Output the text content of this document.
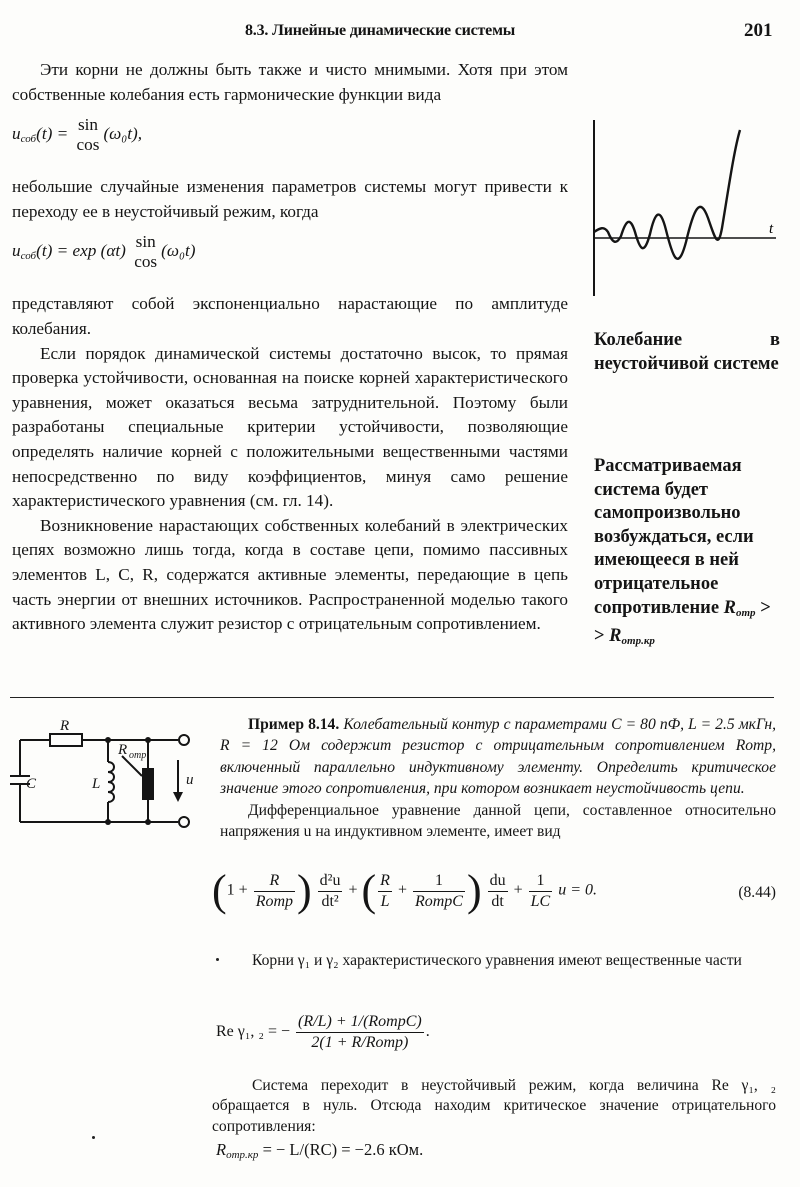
8.3. Линейные динамические системы	201

Эти корни не должны быть также и чисто мнимыми. Хотя при этом собственные колебания есть гармонические функции вида

$u_{соб}(t) = \sin$
cos
(ω₀t),

небольшие случайные изменения параметров системы могут привести к переходу ее в неустойчивый режим, когда

$u_{соб}(t) = \exp (\alpha t)$ sin
cos
(ω₀t)

представляют собой экспоненциально нарастающие по амплитуде колебания.

Если порядок динамической системы достаточно высок, то прямая проверка устойчивости, основанная на поиске корней характеристического уравнения, может оказаться весьма затруднительной. Поэтому были разработаны специальные критерии устойчивости, позволяющие определять наличие корней с положительными вещественными частями непосредственно по виду коэффициентов, минуя само решение характеристического уравнения (см. гл. 14).

Возникновение нарастающих собственных колебаний в электрических цепях возможно лишь тогда, когда в составе цепи, помимо пассивных элементов L, C, R, содержатся активные элементы, передающие в цепь часть энергии от внешних источников. Распространенной моделью такого активного элемента служит резистор с отрицательным сопротивлением.

t
Колебание в неустойчивой системе
Рассматриваемая система будет самопроизвольно возбуждаться, если имеющееся в ней отрицательное сопротивление $R_{отр}$ >
> $R_{отр.кр}$
R
C	L
R отр
u

Пример 8.14. Колебательный контур с параметрами C = 80 пФ, L = 2.5 мкГн, R = 12 Ом содержит резистор с отрицательным сопротивлением Rотр, включенный параллельно индуктивному элементу. Определить критическое значение этого сопротивления, при котором возникает неустойчивость цепи.

Дифференциальное уравнение данной цепи, составленное относительно напряжения u на индуктивном элементе, имеет вид

($1 + \frac{R}{\text{Rотр}}$ ) $\frac{\text{d²u}}{\text{dt²}}$ + ( $\frac{R}{L} + \frac{1}{\text{RотрC}}$ ) $\frac{du}{dt} + \frac{1}{LC}$ u = 0.	(8.44)

Корни γ₁ и γ₂ характеристического уравнения имеют вещественные части

Re γ₁, ₂ = − $\frac{\text{(R/L) + 1/(RотрC)}}{\text{2(1 + R/Rотр)}}$ .

Система переходит в неустойчивый режим, когда величина Re γ₁, ₂ обращается в нуль. Отсюда находим критическое значение отрицательного сопротивления:

$R_{отр.кр}$ = − L/(RC) = −2.6 кОм.
